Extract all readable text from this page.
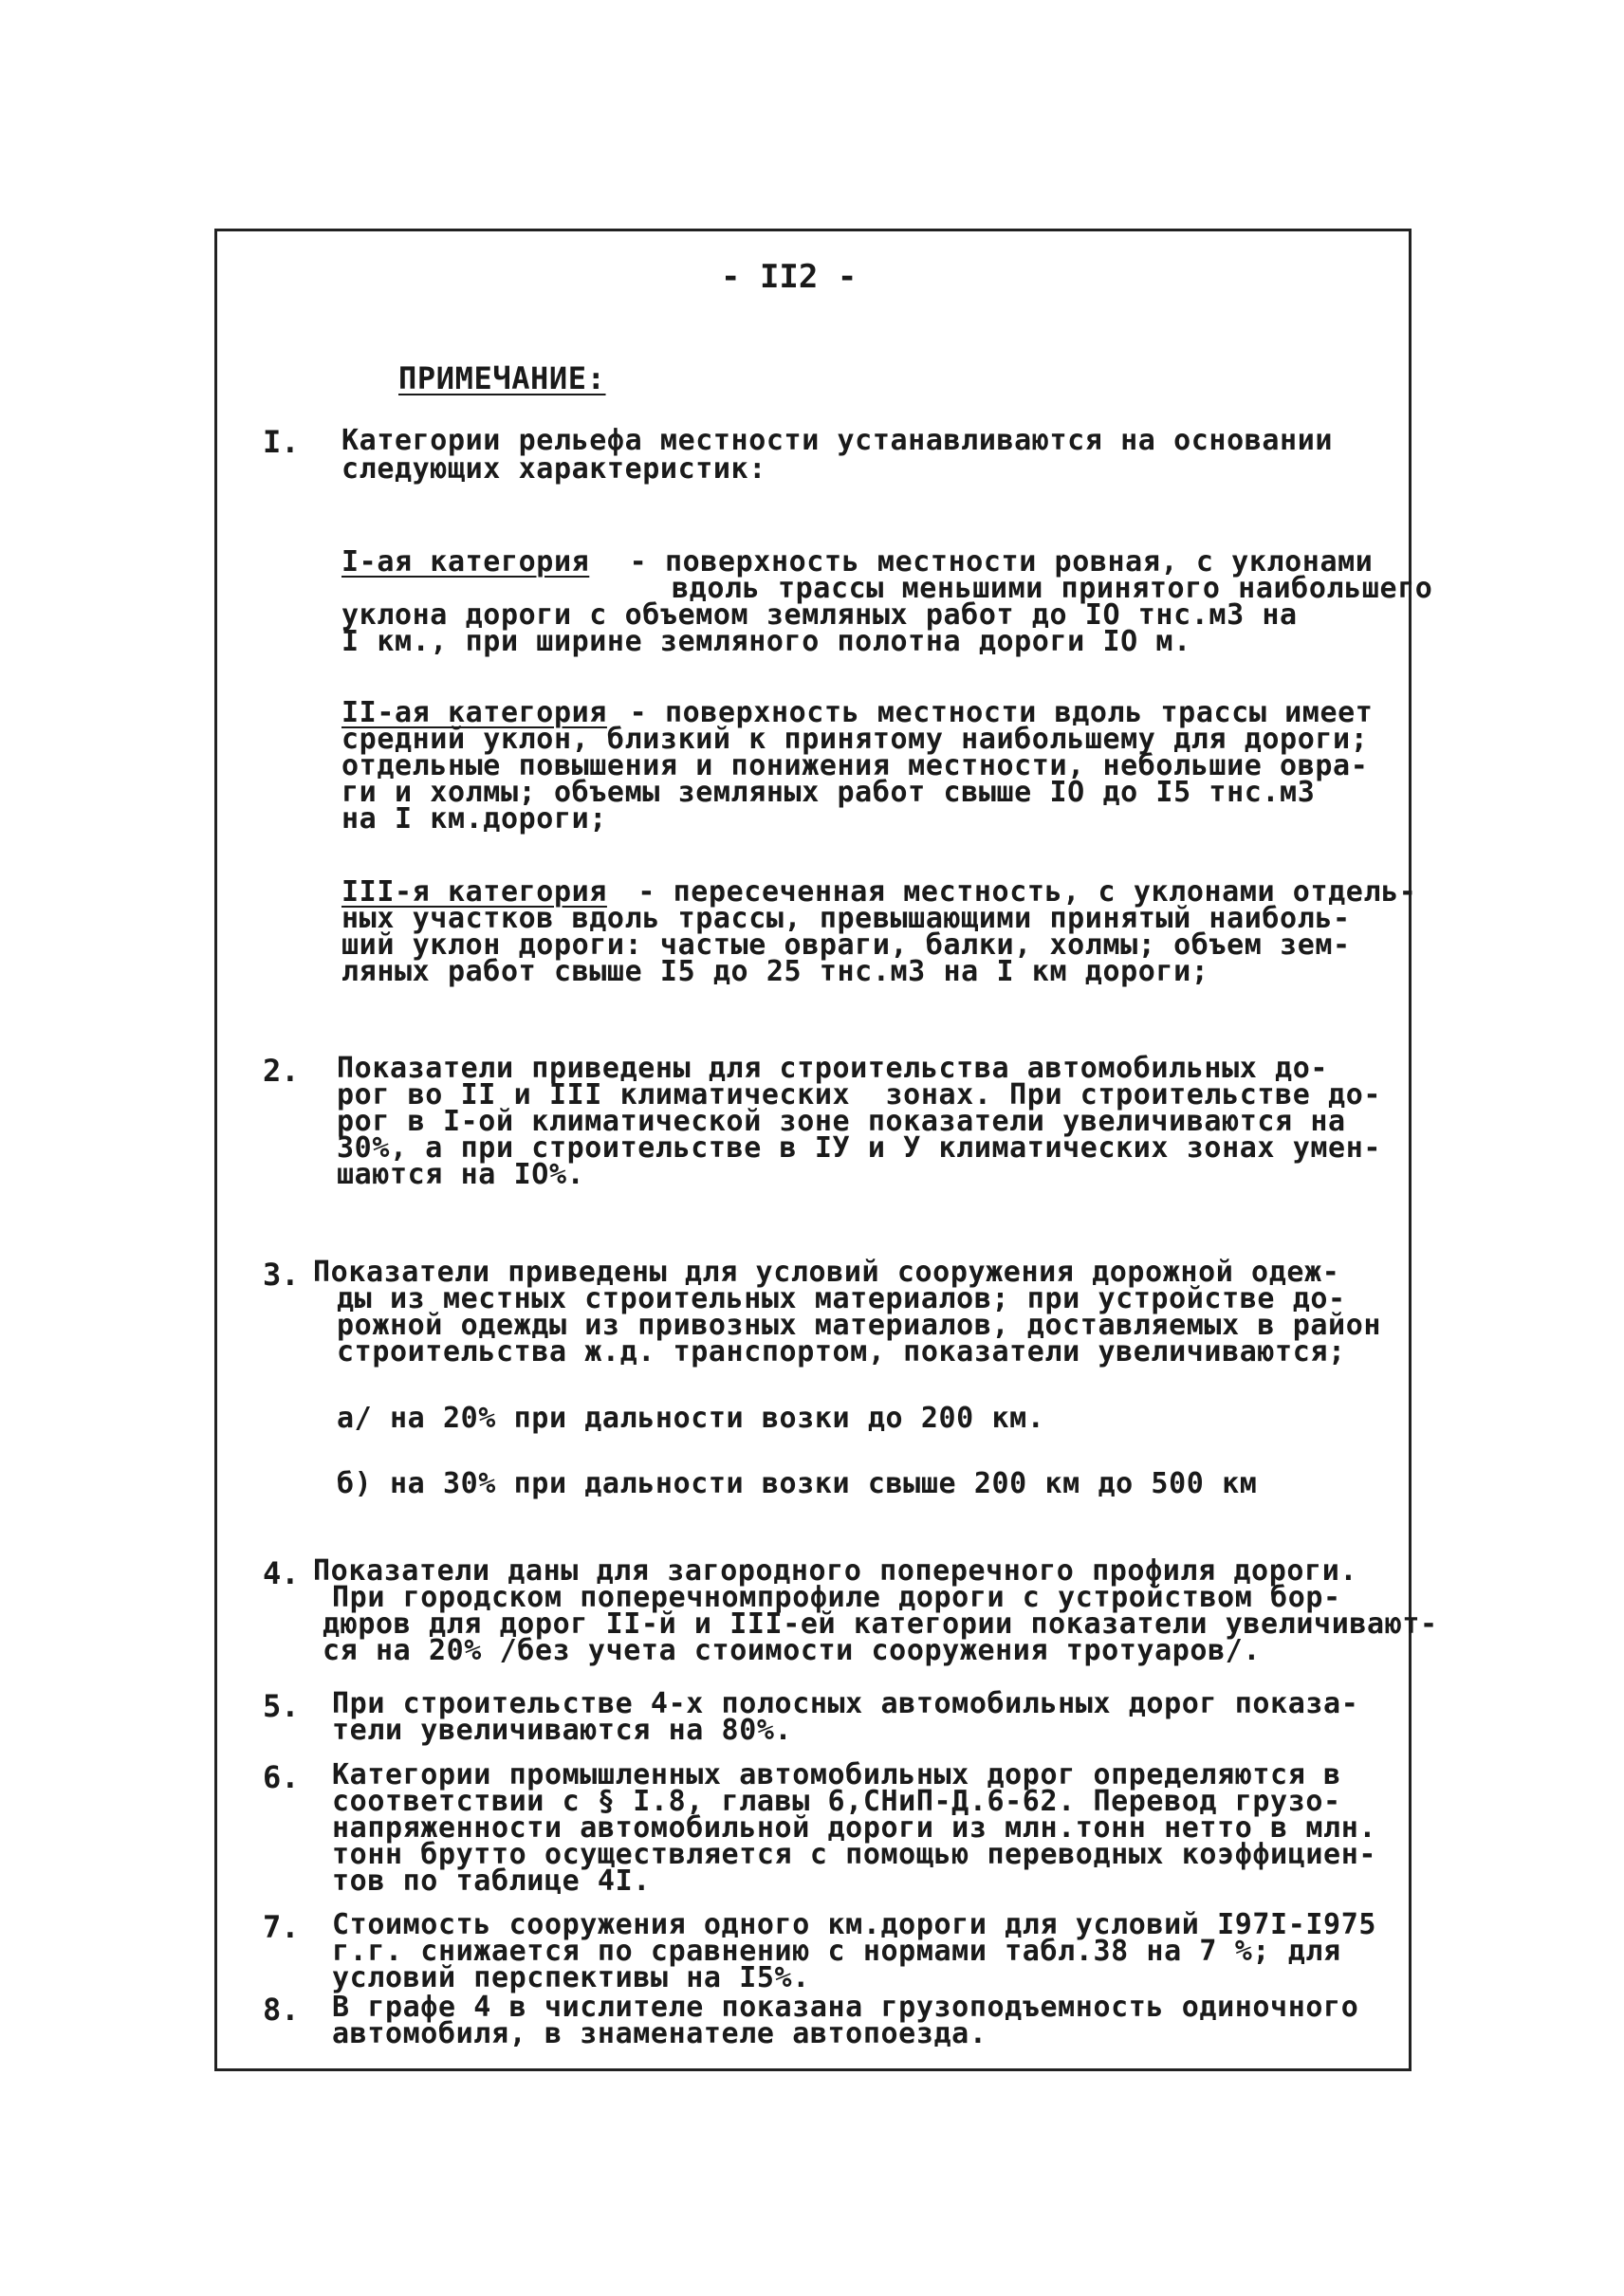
- II2 -
ПРИМЕЧАНИЕ:
I. Категории рельефа местности устанавливаются на основании
следующих характеристик:
I-ая категория - поверхность местности ровная, с уклонами
вдоль трассы меньшими принятого наибольшего
уклона дороги с объемом земляных работ до IO тнс.м3 на
I км., при ширине земляного полотна дороги IO м.
II-ая категория - поверхность местности вдоль трассы имеет
средний уклон, близкий к принятому наибольшему для дороги;
отдельные повышения и понижения местности, небольшие овра-
ги и холмы; объемы земляных работ свыше IO до I5 тнс.м3
на I км.дороги;
III-я категория
- пересеченная местность, с уклонами отдель-
ных участков вдоль трассы, превышающими принятый наиболь-
ший уклон дороги: частые овраги, балки, холмы; объем зем-
ляных работ свыше I5 до 25 тнс.м3 на I км дороги;
2. Показатели приведены для строительства автомобильных до-
рог во II и III климатических  зонах. При строительстве до-
рог в I-ой климатической зоне показатели увеличиваются на
30%, а при строительстве в IУ и У климатических зонах умен-
шаются на IO%.
3. Показатели приведены для условий сооружения дорожной одеж-
ды из местных строительных материалов; при устройстве до-
рожной одежды из привозных материалов, доставляемых в район
строительства ж.д. транспортом, показатели увеличиваются;
а/ на 20% при дальности возки до 200 км.
б) на 30% при дальности возки свыше 200 км до 500 км
4. Показатели даны для загородного поперечного профиля дороги.
При городском поперечномпрофиле дороги с устройством бор-
дюров для дорог II-й и III-ей категории показатели увеличивают-
ся на 20% /без учета стоимости сооружения тротуаров/.
5. При строительстве 4-х полосных автомобильных дорог показа-
тели увеличиваются на 80%.
6. Категории промышленных автомобильных дорог определяются в
соответствии с § I.8, главы 6,СНиП-Д.6-62. Перевод грузо-
напряженности автомобильной дороги из млн.тонн нетто в млн.
тонн брутто осуществляется с помощью переводных коэффициен-
тов по таблице 4I.
7. Стоимость сооружения одного км.дороги для условий I97I-I975
г.г. снижается по сравнению с нормами табл.38 на 7 %; для
условий перспективы на I5%.
8. В графе 4 в числителе показана грузоподъемность одиночного
автомобиля, в знаменателе автопоезда.
